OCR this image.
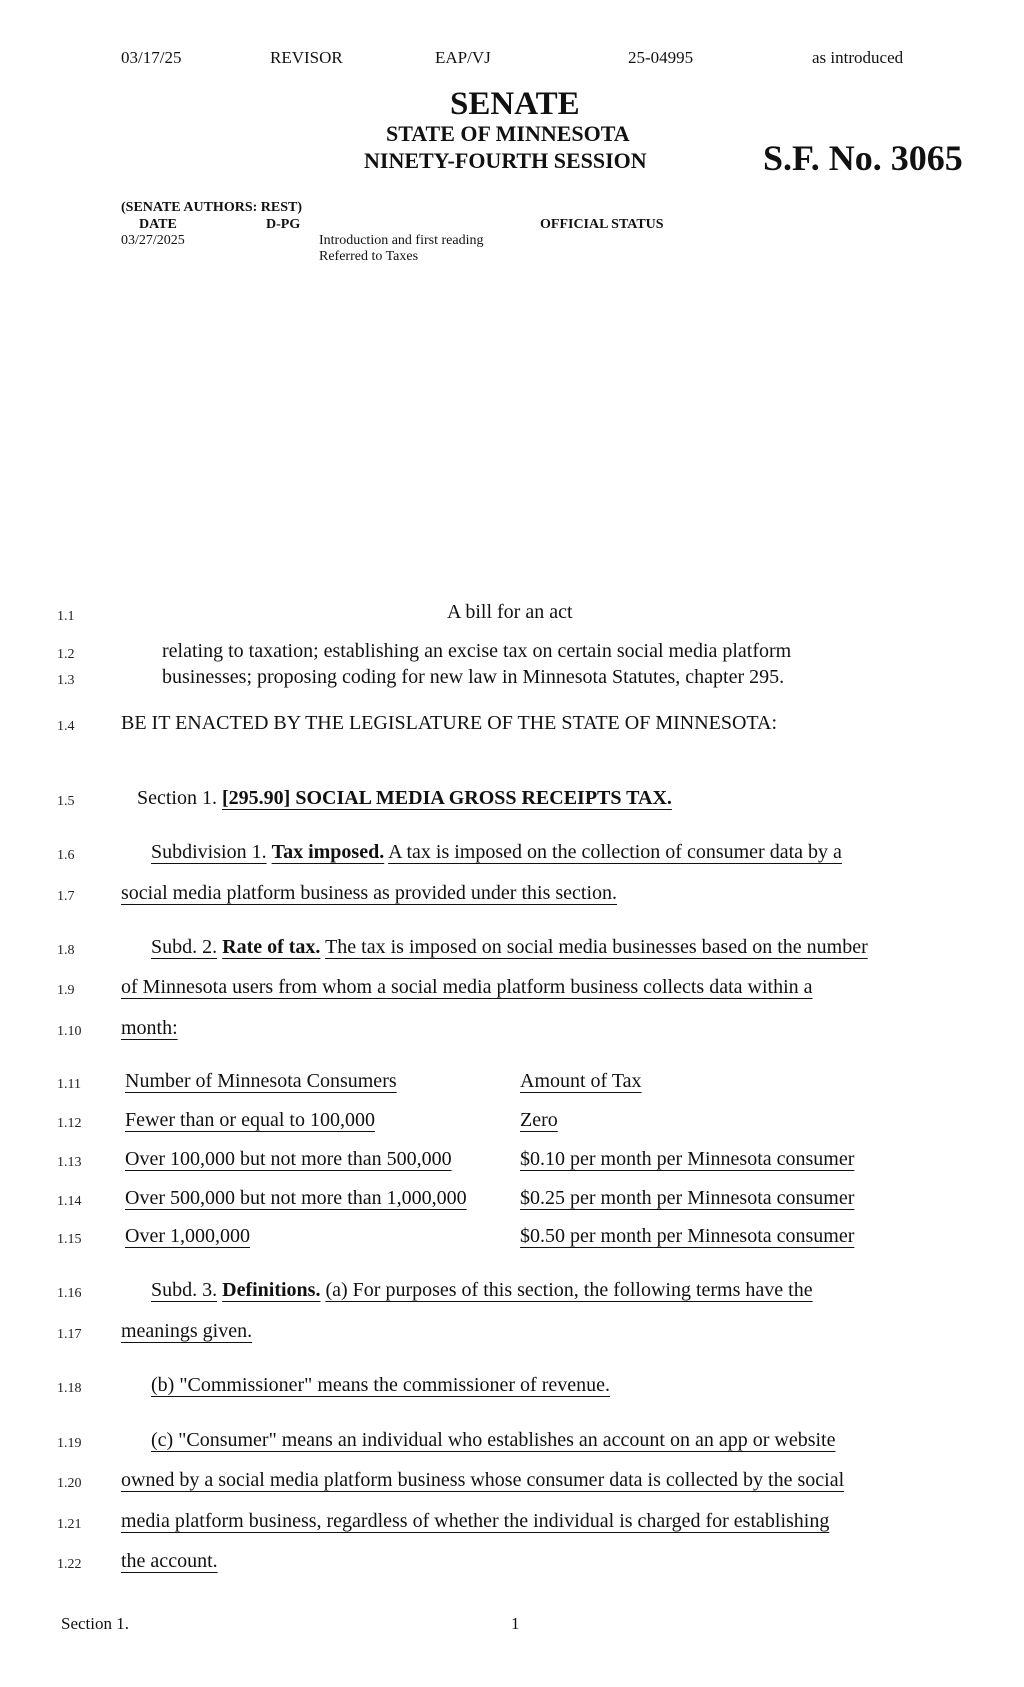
03/17/25	REVISOR	EAP/VJ	25-04995	as introduced
SENATE
STATE OF MINNESOTA
NINETY-FOURTH SESSION	S.F. No. 3065
(SENATE AUTHORS: REST)
DATE	D-PG	OFFICIAL STATUS
03/27/2025	Introduction and first reading
Referred to Taxes
1.1
1.2
1.3
1.4
1.5
1.6
1.7
1.8
1.9
1.10
1.11
1.12
1.13
1.14
1.15
1.16
1.17
1.18
1.19
1.20
1.21
1.22
A bill for an act
relating to taxation; establishing an excise tax on certain social media platform
businesses; proposing coding for new law in Minnesota Statutes, chapter 295.
BE IT ENACTED BY THE LEGISLATURE OF THE STATE OF MINNESOTA:
Section 1. [295.90] SOCIAL MEDIA GROSS RECEIPTS TAX.
Subdivision 1. Tax imposed. A tax is imposed on the collection of consumer data by a
social media platform business as provided under this section.
Subd. 2. Rate of tax. The tax is imposed on social media businesses based on the number
of Minnesota users from whom a social media platform business collects data within a
month:
Number of Minnesota Consumers	Amount of Tax
Fewer than or equal to 100,000	Zero
Over 100,000 but not more than 500,000	$0.10 per month per Minnesota consumer
Over 500,000 but not more than 1,000,000	$0.25 per month per Minnesota consumer
Over 1,000,000	$0.50 per month per Minnesota consumer
Subd. 3. Definitions. (a) For purposes of this section, the following terms have the
meanings given.
(b) "Commissioner" means the commissioner of revenue.
(c) "Consumer" means an individual who establishes an account on an app or website
owned by a social media platform business whose consumer data is collected by the social
media platform business, regardless of whether the individual is charged for establishing
the account.
Section 1.	1
